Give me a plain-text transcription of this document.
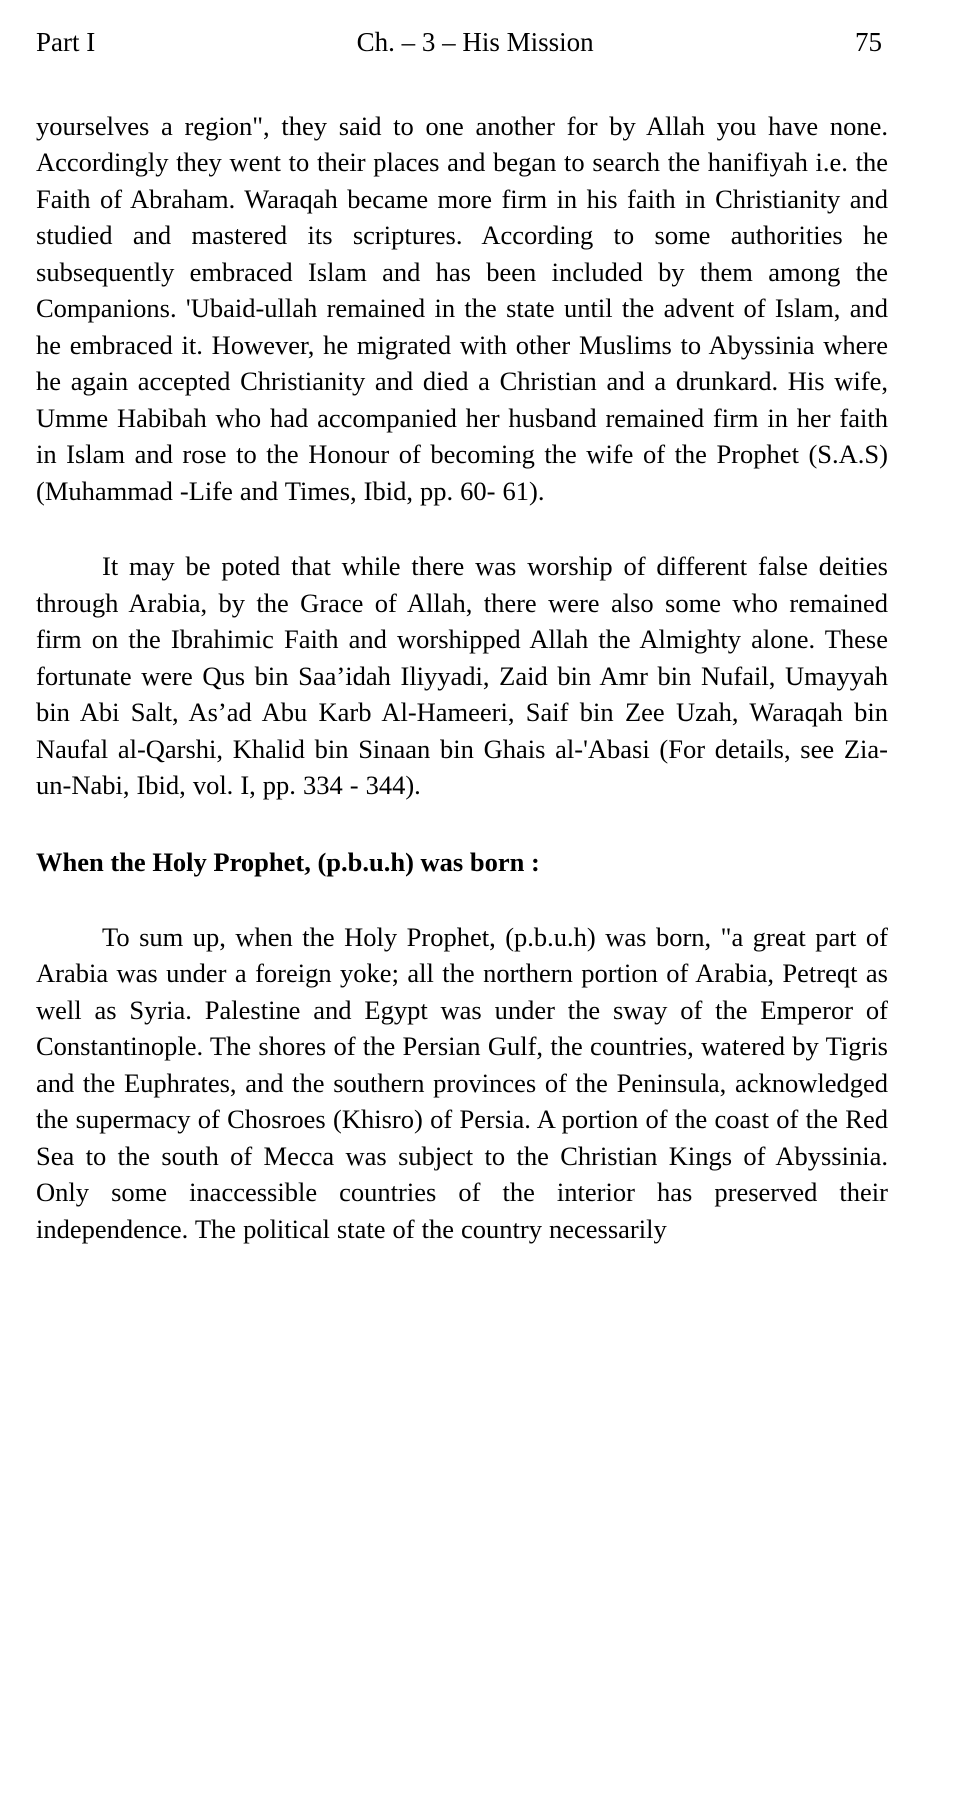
Part I	Ch. – 3 – His Mission	75

yourselves a region", they said to one another for by Allah you have none. Accordingly they went to their places and began to search the hanifiyah i.e. the Faith of Abraham. Waraqah became more firm in his faith in Christianity and studied and mastered its scriptures. According to some authorities he subsequently embraced Islam and has been included by them among the Companions. 'Ubaid-ullah remained in the state until the advent of Islam, and he embraced it. However, he migrated with other Muslims to Abyssinia where he again accepted Christianity and died a Christian and a drunkard. His wife, Umme Habibah who had accompanied her husband remained firm in her faith in Islam and rose to the Honour of becoming the wife of the Prophet (S.A.S) (Muhammad -Life and Times, Ibid, pp. 60- 61).

It may be poted that while there was worship of different false deities through Arabia, by the Grace of Allah, there were also some who remained firm on the Ibrahimic Faith and worshipped Allah the Almighty alone. These fortunate were Qus bin Saa’idah Iliyyadi, Zaid bin Amr bin Nufail, Umayyah bin Abi Salt, As’ad Abu Karb Al-Hameeri, Saif bin Zee Uzah, Waraqah bin Naufal al-Qarshi, Khalid bin Sinaan bin Ghais al-'Abasi (For details, see Zia-un-Nabi, Ibid, vol. I, pp. 334 - 344).

When the Holy Prophet, (p.b.u.h) was born :

To sum up, when the Holy Prophet, (p.b.u.h) was born, "a great part of Arabia was under a foreign yoke; all the northern portion of Arabia, Petreqt as well as Syria. Palestine and Egypt was under the sway of the Emperor of Constantinople. The shores of the Persian Gulf, the countries, watered by Tigris and the Euphrates, and the southern provinces of the Peninsula, acknowledged the supermacy of Chosroes (Khisro) of Persia. A portion of the coast of the Red Sea to the south of Mecca was subject to the Christian Kings of Abyssinia. Only some inaccessible countries of the interior has preserved their independence. The political state of the country necessarily
